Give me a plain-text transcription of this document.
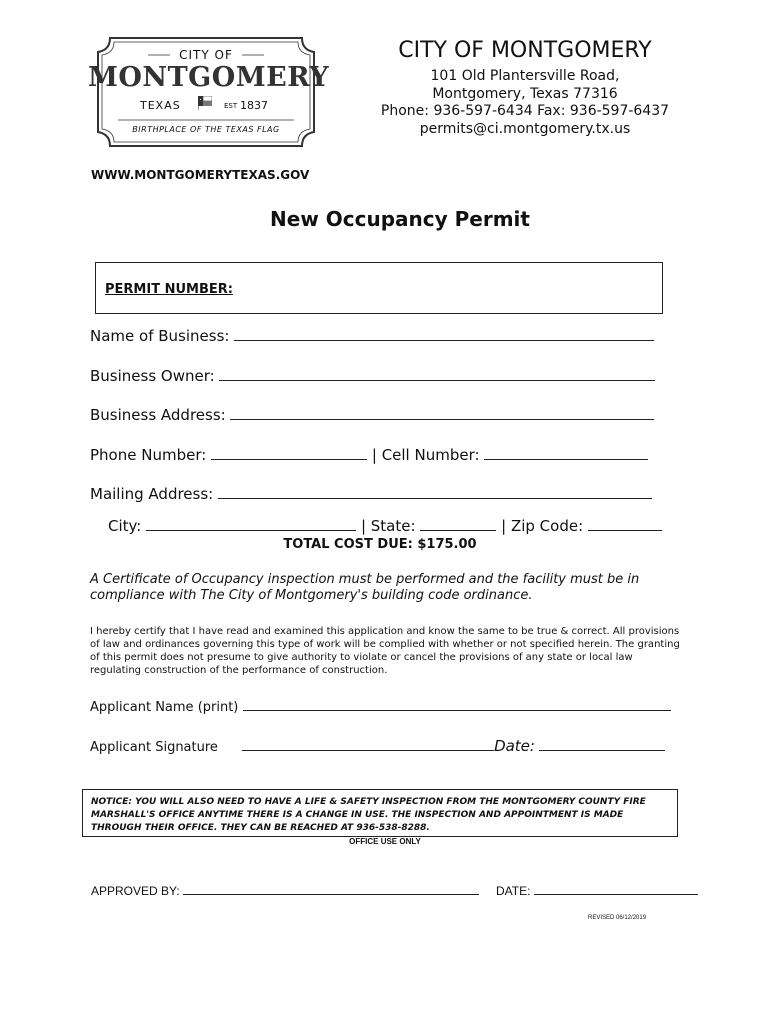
CITY OF
MONTGOMERY
TEXAS	EST 1837
BIRTHPLACE OF THE TEXAS FLAG
CITY OF MONTGOMERY
101 Old Plantersville Road,
Montgomery, Texas 77316
Phone: 936-597-6434 Fax: 936-597-6437
permits@ci.montgomery.tx.us
WWW.MONTGOMERYTEXAS.GOV
New Occupancy Permit
PERMIT NUMBER:
Name of Business:
Business Owner:
Business Address:
Phone Number:	| Cell Number:
Mailing Address:
City:	| State:	| Zip Code:
TOTAL COST DUE: $175.00
A Certificate of Occupancy inspection must be performed and the facility must be in compliance with The City of Montgomery's building code ordinance.
I hereby certify that I have read and examined this application and know the same to be true & correct. All provisions of law and ordinances governing this type of work will be complied with whether or not specified herein. The granting of this permit does not presume to give authority to violate or cancel the provisions of any state or local law regulating construction of the performance of construction.
Applicant Name (print)
Applicant Signature	Date:
NOTICE: YOU WILL ALSO NEED TO HAVE A LIFE & SAFETY INSPECTION FROM THE MONTGOMERY COUNTY FIRE MARSHALL'S OFFICE ANYTIME THERE IS A CHANGE IN USE. THE INSPECTION AND APPOINTMENT IS MADE THROUGH THEIR OFFICE. THEY CAN BE REACHED AT 936-538-8288.
OFFICE USE ONLY
APPROVED BY:	DATE:
REVISED 06/12/2019
